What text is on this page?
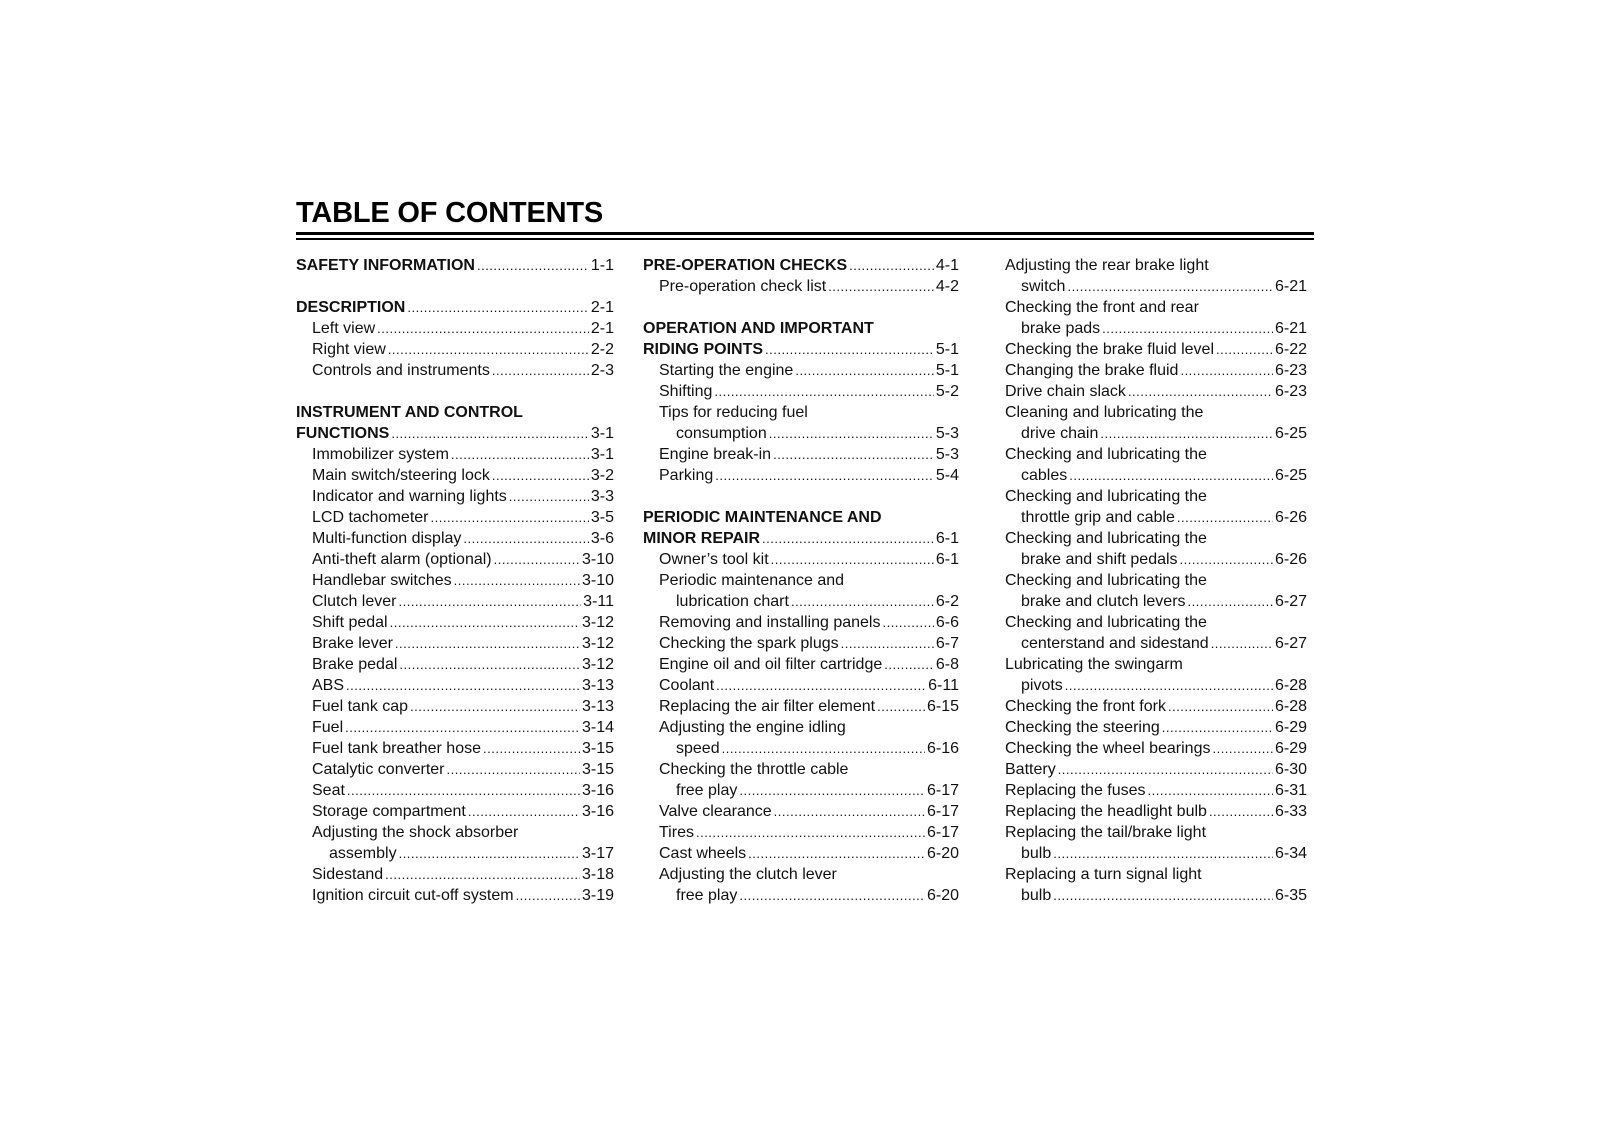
TABLE OF CONTENTS
SAFETY INFORMATION .....	1-1
DESCRIPTION .....	2-1
Left view .....	2-1
Right view .....	2-2
Controls and instruments .....	2-3
INSTRUMENT AND CONTROL
FUNCTIONS .....	3-1
Immobilizer system .....	3-1
Main switch/steering lock .....	3-2
Indicator and warning lights .....	3-3
LCD tachometer .....	3-5
Multi-function display .....	3-6
Anti-theft alarm (optional) .....	3-10
Handlebar switches .....	3-10
Clutch lever .....	3-11
Shift pedal .....	3-12
Brake lever .....	3-12
Brake pedal .....	3-12
ABS .....	3-13
Fuel tank cap .....	3-13
Fuel .....	3-14
Fuel tank breather hose .....	3-15
Catalytic converter .....	3-15
Seat .....	3-16
Storage compartment .....	3-16
Adjusting the shock absorber
assembly .....	3-17
Sidestand .....	3-18
Ignition circuit cut-off system .....	3-19
PRE-OPERATION CHECKS .....	4-1
Pre-operation check list .....	4-2
OPERATION AND IMPORTANT
RIDING POINTS .....	5-1
Starting the engine .....	5-1
Shifting .....	5-2
Tips for reducing fuel
consumption .....	5-3
Engine break-in .....	5-3
Parking .....	5-4
PERIODIC MAINTENANCE AND
MINOR REPAIR .....	6-1
Owner’s tool kit .....	6-1
Periodic maintenance and
lubrication chart .....	6-2
Removing and installing panels .....	6-6
Checking the spark plugs .....	6-7
Engine oil and oil filter cartridge .....	6-8
Coolant .....	6-11
Replacing the air filter element .....	6-15
Adjusting the engine idling
speed .....	6-16
Checking the throttle cable
free play .....	6-17
Valve clearance .....	6-17
Tires .....	6-17
Cast wheels .....	6-20
Adjusting the clutch lever
free play .....	6-20
Adjusting the rear brake light
switch .....	6-21
Checking the front and rear
brake pads .....	6-21
Checking the brake fluid level .....	6-22
Changing the brake fluid .....	6-23
Drive chain slack .....	6-23
Cleaning and lubricating the
drive chain .....	6-25
Checking and lubricating the
cables .....	6-25
Checking and lubricating the
throttle grip and cable .....	6-26
Checking and lubricating the
brake and shift pedals .....	6-26
Checking and lubricating the
brake and clutch levers .....	6-27
Checking and lubricating the
centerstand and sidestand .....	6-27
Lubricating the swingarm
pivots .....	6-28
Checking the front fork .....	6-28
Checking the steering .....	6-29
Checking the wheel bearings .....	6-29
Battery .....	6-30
Replacing the fuses .....	6-31
Replacing the headlight bulb .....	6-33
Replacing the tail/brake light
bulb .....	6-34
Replacing a turn signal light
bulb .....	6-35
